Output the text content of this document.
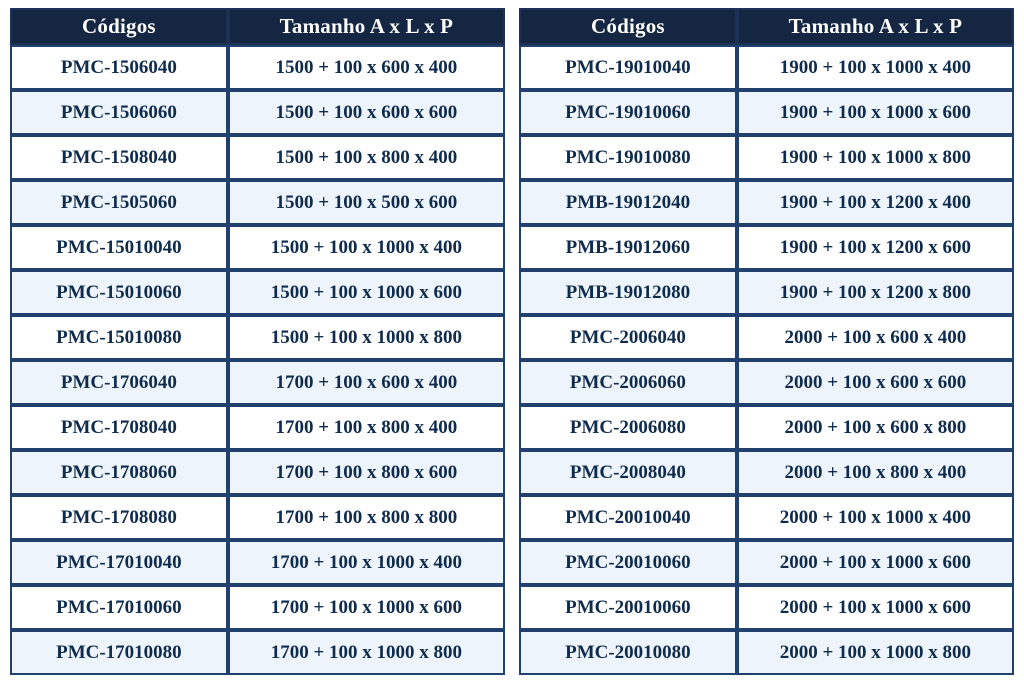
Códigos	Tamanho A x L x P
PMC-1506040	1500 + 100 x 600 x 400
PMC-1506060	1500 + 100 x 600 x 600
PMC-1508040	1500 + 100 x 800 x 400
PMC-1505060	1500 + 100 x 500 x 600
PMC-15010040	1500 + 100 x 1000 x 400
PMC-15010060	1500 + 100 x 1000 x 600
PMC-15010080	1500 + 100 x 1000 x 800
PMC-1706040	1700 + 100 x 600 x 400
PMC-1708040	1700 + 100 x 800 x 400
PMC-1708060	1700 + 100 x 800 x 600
PMC-1708080	1700 + 100 x 800 x 800
PMC-17010040	1700 + 100 x 1000 x 400
PMC-17010060	1700 + 100 x 1000 x 600
PMC-17010080	1700 + 100 x 1000 x 800
Códigos	Tamanho A x L x P
PMC-19010040	1900 + 100 x 1000 x 400
PMC-19010060	1900 + 100 x 1000 x 600
PMC-19010080	1900 + 100 x 1000 x 800
PMB-19012040	1900 + 100 x 1200 x 400
PMB-19012060	1900 + 100 x 1200 x 600
PMB-19012080	1900 + 100 x 1200 x 800
PMC-2006040	2000 + 100 x 600 x 400
PMC-2006060	2000 + 100 x 600 x 600
PMC-2006080	2000 + 100 x 600 x 800
PMC-2008040	2000 + 100 x 800 x 400
PMC-20010040	2000 + 100 x 1000 x 400
PMC-20010060	2000 + 100 x 1000 x 600
PMC-20010060	2000 + 100 x 1000 x 600
PMC-20010080	2000 + 100 x 1000 x 800
